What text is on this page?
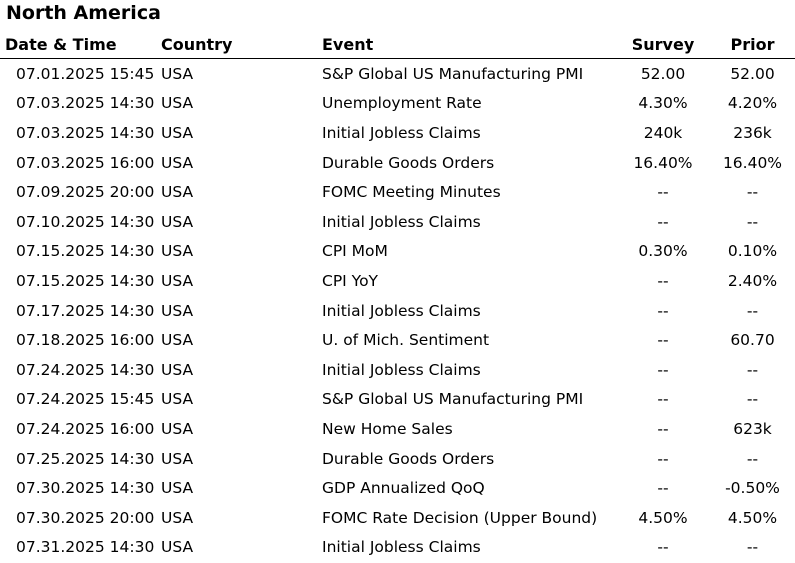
North America
Date & Time	Country	Event	Survey	Prior
07.01.2025 15:45	USA	S&P Global US Manufacturing PMI	52.00	52.00
07.03.2025 14:30	USA	Unemployment Rate	4.30%	4.20%
07.03.2025 14:30	USA	Initial Jobless Claims	240k	236k
07.03.2025 16:00	USA	Durable Goods Orders	16.40%	16.40%
07.09.2025 20:00	USA	FOMC Meeting Minutes	--	--
07.10.2025 14:30	USA	Initial Jobless Claims	--	--
07.15.2025 14:30	USA	CPI MoM	0.30%	0.10%
07.15.2025 14:30	USA	CPI YoY	--	2.40%
07.17.2025 14:30	USA	Initial Jobless Claims	--	--
07.18.2025 16:00	USA	U. of Mich. Sentiment	--	60.70
07.24.2025 14:30	USA	Initial Jobless Claims	--	--
07.24.2025 15:45	USA	S&P Global US Manufacturing PMI	--	--
07.24.2025 16:00	USA	New Home Sales	--	623k
07.25.2025 14:30	USA	Durable Goods Orders	--	--
07.30.2025 14:30	USA	GDP Annualized QoQ	--	-0.50%
07.30.2025 20:00	USA	FOMC Rate Decision (Upper Bound)	4.50%	4.50%
07.31.2025 14:30	USA	Initial Jobless Claims	--	--
